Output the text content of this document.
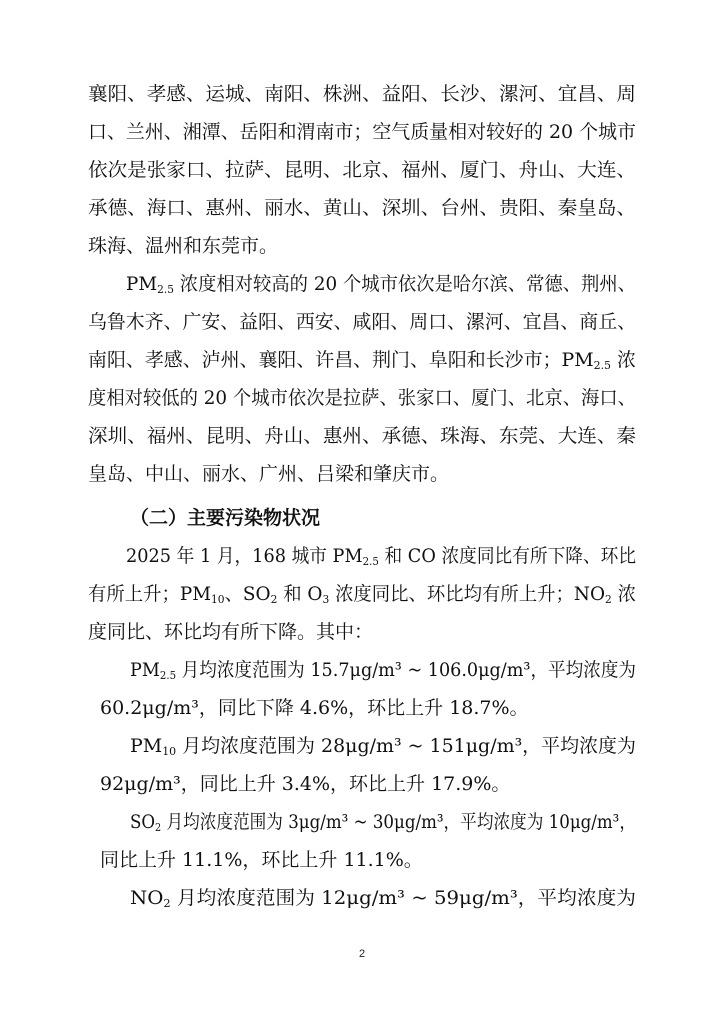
襄阳、孝感、运城、南阳、株洲、益阳、长沙、漯河、宜昌、周
口、兰州、湘潭、岳阳和渭南市；空气质量相对较好的 20 个城市
依次是张家口、拉萨、昆明、北京、福州、厦门、舟山、大连、
承德、海口、惠州、丽水、黄山、深圳、台州、贵阳、秦皇岛、
珠海、温州和东莞市。
$PM_{2.5}$ 浓度相对较高的 20 个城市依次是哈尔滨、常德、荆州、
乌鲁木齐、广安、益阳、西安、咸阳、周口、漯河、宜昌、商丘、
南阳、孝感、泸州、襄阳、许昌、荆门、阜阳和长沙市；$PM_{2.5}$ 浓
度相对较低的 20 个城市依次是拉萨、张家口、厦门、北京、海口、
深圳、福州、昆明、舟山、惠州、承德、珠海、东莞、大连、秦
皇岛、中山、丽水、广州、吕梁和肇庆市。
（二）主要污染物状况
2025 年 1 月，168 城市 $PM_{2.5}$ 和 CO 浓度同比有所下降、环比
有所上升；$PM_{10}$、$SO_2$ 和 $O_3$ 浓度同比、环比均有所上升；$NO_2$ 浓
度同比、环比均有所下降。其中：
$PM_{2.5}$ 月均浓度范围为 15.7μg/m³ ~ 106.0μg/m³，平均浓度为
60.2μg/m³，同比下降 4.6%，环比上升 18.7%。
$PM_{10}$ 月均浓度范围为 28μg/m³ ~ 151μg/m³，平均浓度为
92μg/m³，同比上升 3.4%，环比上升 17.9%。
$SO_2$ 月均浓度范围为 3μg/m³ ~ 30μg/m³，平均浓度为 10μg/m³，
同比上升 11.1%，环比上升 11.1%。
$NO_2$ 月均浓度范围为 12μg/m³ ~ 59μg/m³，平均浓度为
2
